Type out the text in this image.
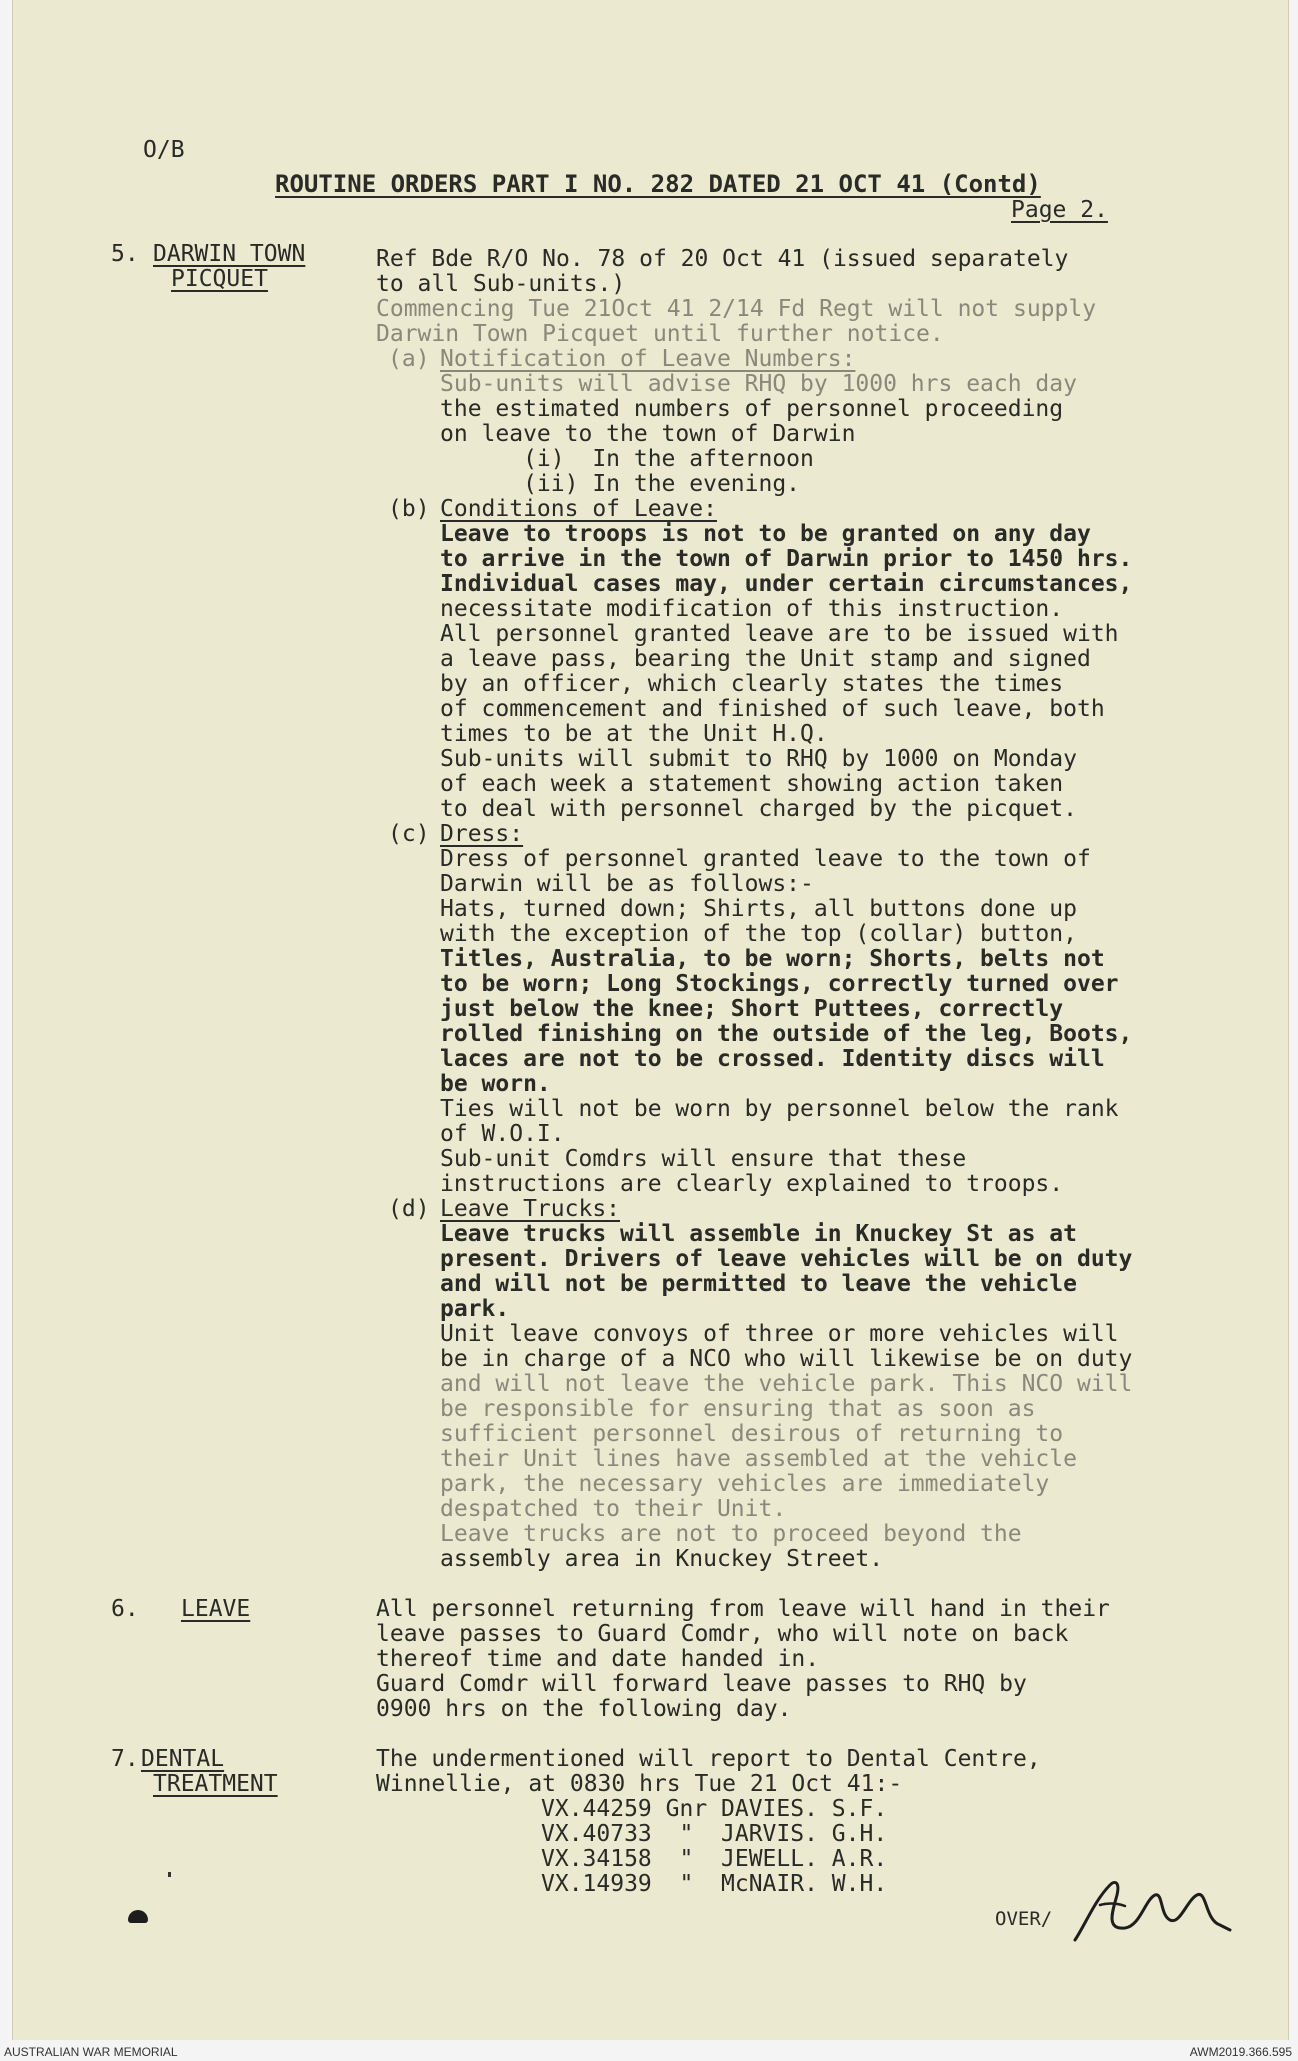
O/B
ROUTINE ORDERS PART I NO. 282 DATED 21 OCT 41 (Contd)
Page 2.
5. DARWIN TOWN
PICQUET
Ref Bde R/O No. 78 of 20 Oct 41 (issued separately
to all Sub-units.)
Commencing Tue 21Oct 41 2/14 Fd Regt will not supply
Darwin Town Picquet until further notice.
(a) Notification of Leave Numbers:
Sub-units will advise RHQ by 1000 hrs each day
the estimated numbers of personnel proceeding
on leave to the town of Darwin
(i)  In the afternoon
(ii) In the evening.
(b) Conditions of Leave:
Leave to troops is not to be granted on any day
to arrive in the town of Darwin prior to 1450 hrs.
Individual cases may, under certain circumstances,
necessitate modification of this instruction.
All personnel granted leave are to be issued with
a leave pass, bearing the Unit stamp and signed
by an officer, which clearly states the times
of commencement and finished of such leave, both
times to be at the Unit H.Q.
Sub-units will submit to RHQ by 1000 on Monday
of each week a statement showing action taken
to deal with personnel charged by the picquet.
(c) Dress:
Dress of personnel granted leave to the town of
Darwin will be as follows:-
Hats, turned down; Shirts, all buttons done up
with the exception of the top (collar) button,
Titles, Australia, to be worn; Shorts, belts not
to be worn; Long Stockings, correctly turned over
just below the knee; Short Puttees, correctly
rolled finishing on the outside of the leg, Boots,
laces are not to be crossed. Identity discs will
be worn.
Ties will not be worn by personnel below the rank
of W.O.I.
Sub-unit Comdrs will ensure that these
instructions are clearly explained to troops.
(d) Leave Trucks:
Leave trucks will assemble in Knuckey St as at
present. Drivers of leave vehicles will be on duty
and will not be permitted to leave the vehicle
park.
Unit leave convoys of three or more vehicles will
be in charge of a NCO who will likewise be on duty
and will not leave the vehicle park. This NCO will
be responsible for ensuring that as soon as
sufficient personnel desirous of returning to
their Unit lines have assembled at the vehicle
park, the necessary vehicles are immediately
despatched to their Unit.
Leave trucks are not to proceed beyond the
assembly area in Knuckey Street.
6. LEAVE	All personnel returning from leave will hand in their
leave passes to Guard Comdr, who will note on back
thereof time and date handed in.
Guard Comdr will forward leave passes to RHQ by
0900 hrs on the following day.
7. DENTAL
TREATMENT
The undermentioned will report to Dental Centre,
Winnellie, at 0830 hrs Tue 21 Oct 41:-
VX.44259 Gnr DAVIES. S.F.
VX.40733  "  JARVIS. G.H.
VX.34158  "  JEWELL. A.R.
VX.14939  "  McNAIR. W.H.
OVER/
AUSTRALIAN WAR MEMORIAL	AWM2019.366.595
